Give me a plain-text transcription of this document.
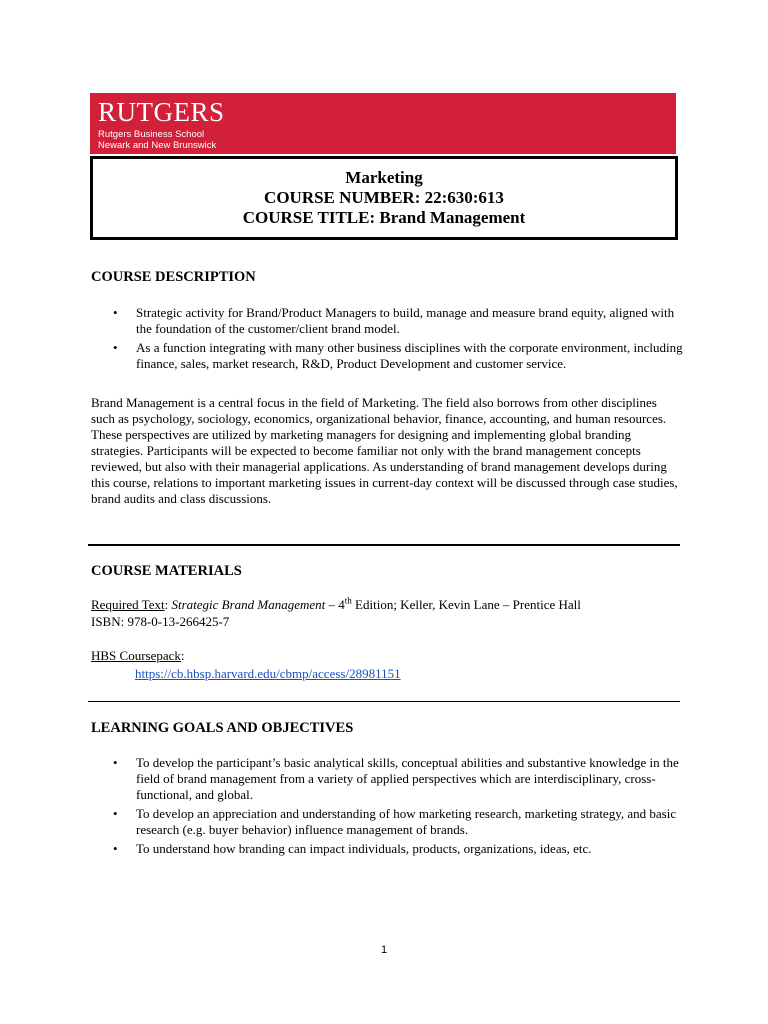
RUTGERS
Rutgers Business School
Newark and New Brunswick
Marketing
COURSE NUMBER: 22:630:613
COURSE TITLE: Brand Management
COURSE DESCRIPTION
• Strategic activity for Brand/Product Managers to build, manage and measure brand equity, aligned with the foundation of the customer/client brand model.
• As a function integrating with many other business disciplines with the corporate environment, including finance, sales, market research, R&D, Product Development and customer service.
Brand Management is a central focus in the field of Marketing. The field also borrows from other disciplines such as psychology, sociology, economics, organizational behavior, finance, accounting, and human resources. These perspectives are utilized by marketing managers for designing and implementing global branding strategies. Participants will be expected to become familiar not only with the brand management concepts reviewed, but also with their managerial applications. As understanding of brand management develops during this course, relations to important marketing issues in current-day context will be discussed through case studies, brand audits and class discussions.
COURSE MATERIALS
Required Text: Strategic Brand Management – 4th Edition; Keller, Kevin Lane – Prentice Hall
ISBN: 978-0-13-266425-7
HBS Coursepack:
https://cb.hbsp.harvard.edu/cbmp/access/28981151
LEARNING GOALS AND OBJECTIVES
• To develop the participant’s basic analytical skills, conceptual abilities and substantive knowledge in the field of brand management from a variety of applied perspectives which are interdisciplinary, cross-functional, and global.
• To develop an appreciation and understanding of how marketing research, marketing strategy, and basic research (e.g. buyer behavior) influence management of brands.
• To understand how branding can impact individuals, products, organizations, ideas, etc.
1
